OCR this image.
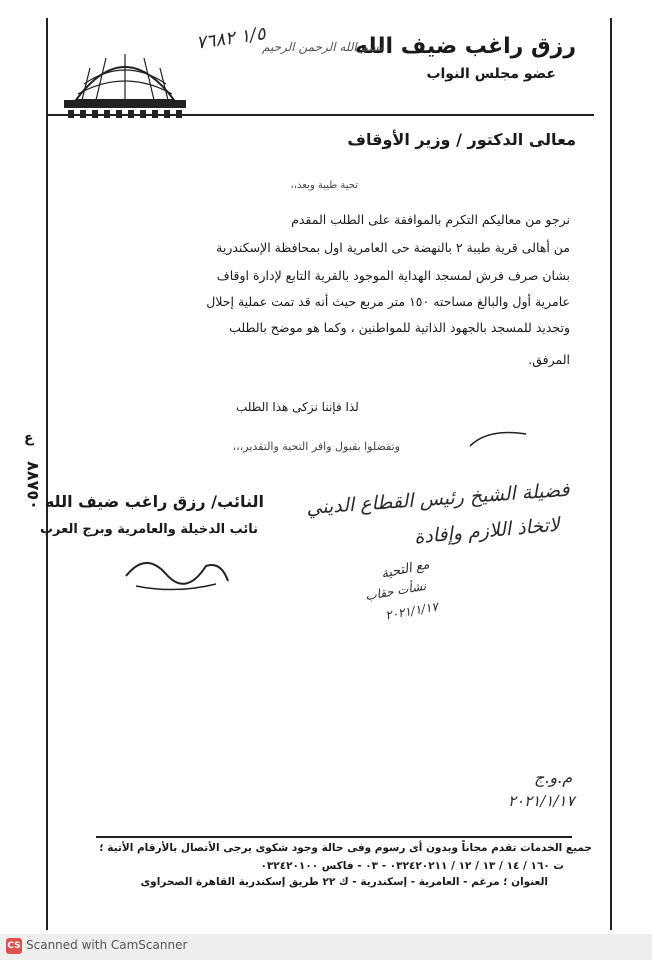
رزق راغب ضيف الله
عضو مجلس النواب
بسم الله الرحمن الرحيم
١/٥ ٧٦٨٢
معالى الدكتور / وزير الأوقاف
تحية طيبة وبعد،،
نرجو من معاليكم التكرم بالموافقة على الطلب المقدم
من أهالى قرية طيبة ٢ بالنهضة حى العامرية اول بمحافظة الإسكندرية
بشان صرف فرش لمسجد الهداية الموجود بالقرية التابع لإدارة اوقاف
عامرية أول والبالغ مساحته ١٥٠ متر مربع حيث أنه قد تمت عملية إحلال
وتجديد للمسجد بالجهود الذاتية للمواطنين ، وكما هو موضح بالطلب
المرفق.
لذا فإننا نزكى هذا الطلب
وتفضلوا بقبول وافر التحية والتقدير،،،
النائب/ رزق راغب ضيف الله
نائب الدخيلة والعامرية وبرج العرب
فضيلة الشيخ رئيس القطاع الديني
لاتخاذ اللازم وإفادة
مع التحية
نشأت حقاب
٢٠٢١/١/١٧
م.و.ج
٢٠٢١/١/١٧
٠٥٨٧٧
ع
جميع الخدمات تقدم مجاناً وبدون أى رسوم وفى حالة وجود شكوى يرجى الأتصال بالأرقام الأتية ؛
ت ١٦٠ / ١٤ / ١٣ / ١٢ / ٠٣٢٤٢٠٢١١ - ٠٣ - فاكس ٠٣٢٤٢٠١٠٠
العنوان ؛ مرغم - العامرية - إسكندرية - ك ٢٢ طريق إسكندرية القاهرة الصحراوى
CS Scanned with CamScanner
